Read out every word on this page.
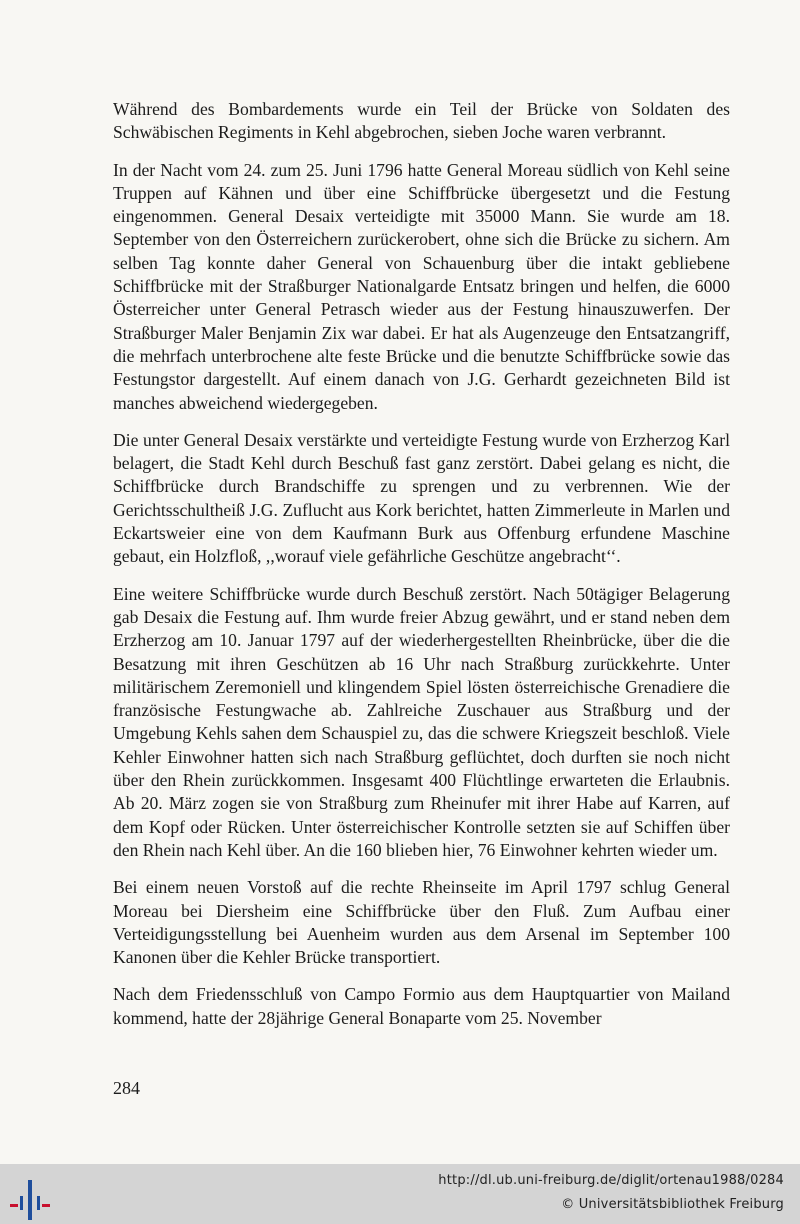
Während des Bombardements wurde ein Teil der Brücke von Soldaten des Schwäbischen Regiments in Kehl abgebrochen, sieben Joche waren verbrannt.

In der Nacht vom 24. zum 25. Juni 1796 hatte General Moreau südlich von Kehl seine Truppen auf Kähnen und über eine Schiffbrücke übergesetzt und die Festung eingenommen. General Desaix verteidigte mit 35000 Mann. Sie wurde am 18. September von den Österreichern zurückerobert, ohne sich die Brücke zu sichern. Am selben Tag konnte daher General von Schauenburg über die intakt gebliebene Schiffbrücke mit der Straßburger Nationalgarde Entsatz bringen und helfen, die 6000 Österreicher unter General Petrasch wieder aus der Festung hinauszuwerfen. Der Straßburger Maler Benjamin Zix war dabei. Er hat als Augenzeuge den Entsatzangriff, die mehrfach unterbrochene alte feste Brücke und die benutzte Schiffbrücke sowie das Festungstor dargestellt. Auf einem danach von J.G. Gerhardt gezeichneten Bild ist manches abweichend wiedergegeben.

Die unter General Desaix verstärkte und verteidigte Festung wurde von Erzherzog Karl belagert, die Stadt Kehl durch Beschuß fast ganz zerstört. Dabei gelang es nicht, die Schiffbrücke durch Brandschiffe zu sprengen und zu verbrennen. Wie der Gerichtsschultheiß J.G. Zuflucht aus Kork berichtet, hatten Zimmerleute in Marlen und Eckartsweier eine von dem Kaufmann Burk aus Offenburg erfundene Maschine gebaut, ein Holzfloß, ,,worauf viele gefährliche Geschütze angebracht‘‘.

Eine weitere Schiffbrücke wurde durch Beschuß zerstört. Nach 50tägiger Belagerung gab Desaix die Festung auf. Ihm wurde freier Abzug gewährt, und er stand neben dem Erzherzog am 10. Januar 1797 auf der wiederhergestellten Rheinbrücke, über die die Besatzung mit ihren Geschützen ab 16 Uhr nach Straßburg zurückkehrte. Unter militärischem Zeremoniell und klingendem Spiel lösten österreichische Grenadiere die französische Festungwache ab. Zahlreiche Zuschauer aus Straßburg und der Umgebung Kehls sahen dem Schauspiel zu, das die schwere Kriegszeit beschloß. Viele Kehler Einwohner hatten sich nach Straßburg geflüchtet, doch durften sie noch nicht über den Rhein zurückkommen. Insgesamt 400 Flüchtlinge erwarteten die Erlaubnis. Ab 20. März zogen sie von Straßburg zum Rheinufer mit ihrer Habe auf Karren, auf dem Kopf oder Rücken. Unter österreichischer Kontrolle setzten sie auf Schiffen über den Rhein nach Kehl über. An die 160 blieben hier, 76 Einwohner kehrten wieder um.

Bei einem neuen Vorstoß auf die rechte Rheinseite im April 1797 schlug General Moreau bei Diersheim eine Schiffbrücke über den Fluß. Zum Aufbau einer Verteidigungsstellung bei Auenheim wurden aus dem Arsenal im September 100 Kanonen über die Kehler Brücke transportiert.

Nach dem Friedensschluß von Campo Formio aus dem Hauptquartier von Mailand kommend, hatte der 28jährige General Bonaparte vom 25. November

284
http://dl.ub.uni-freiburg.de/diglit/ortenau1988/0284
© Universitätsbibliothek Freiburg
